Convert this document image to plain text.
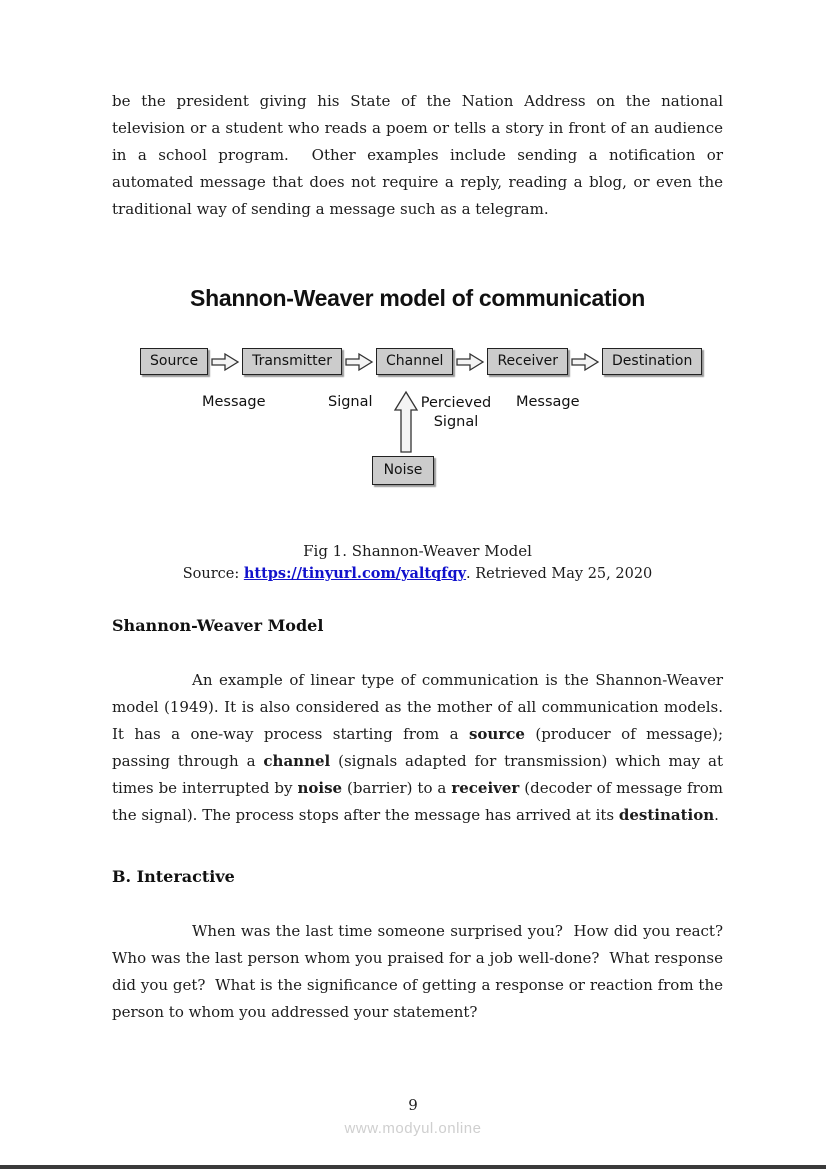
be the president giving his State of the Nation Address on the national television or a student who reads a poem or tells a story in front of an audience in a school program.  Other examples include sending a notification or automated message that does not require a reply, reading a blog, or even the traditional way of sending a message such as a telegram.

Shannon-Weaver model of communication
Source	Transmitter	Channel	Receiver	Destination
Message	Signal	Percieved
Signal
Message
Noise
Fig 1. Shannon-Weaver Model
Source: https://tinyurl.com/yaltqfqy. Retrieved May 25, 2020
Shannon-Weaver Model

An example of linear type of communication is the Shannon-Weaver model (1949). It is also considered as the mother of all communication models. It has a one-way process starting from a source (producer of message); passing through a channel (signals adapted for transmission) which may at times be interrupted by noise (barrier) to a receiver (decoder of message from the signal). The process stops after the message has arrived at its destination.

B. Interactive

When was the last time someone surprised you?  How did you react? Who was the last person whom you praised for a job well-done?  What response did you get?  What is the significance of getting a response or reaction from the person to whom you addressed your statement?

9
www.modyul.online
